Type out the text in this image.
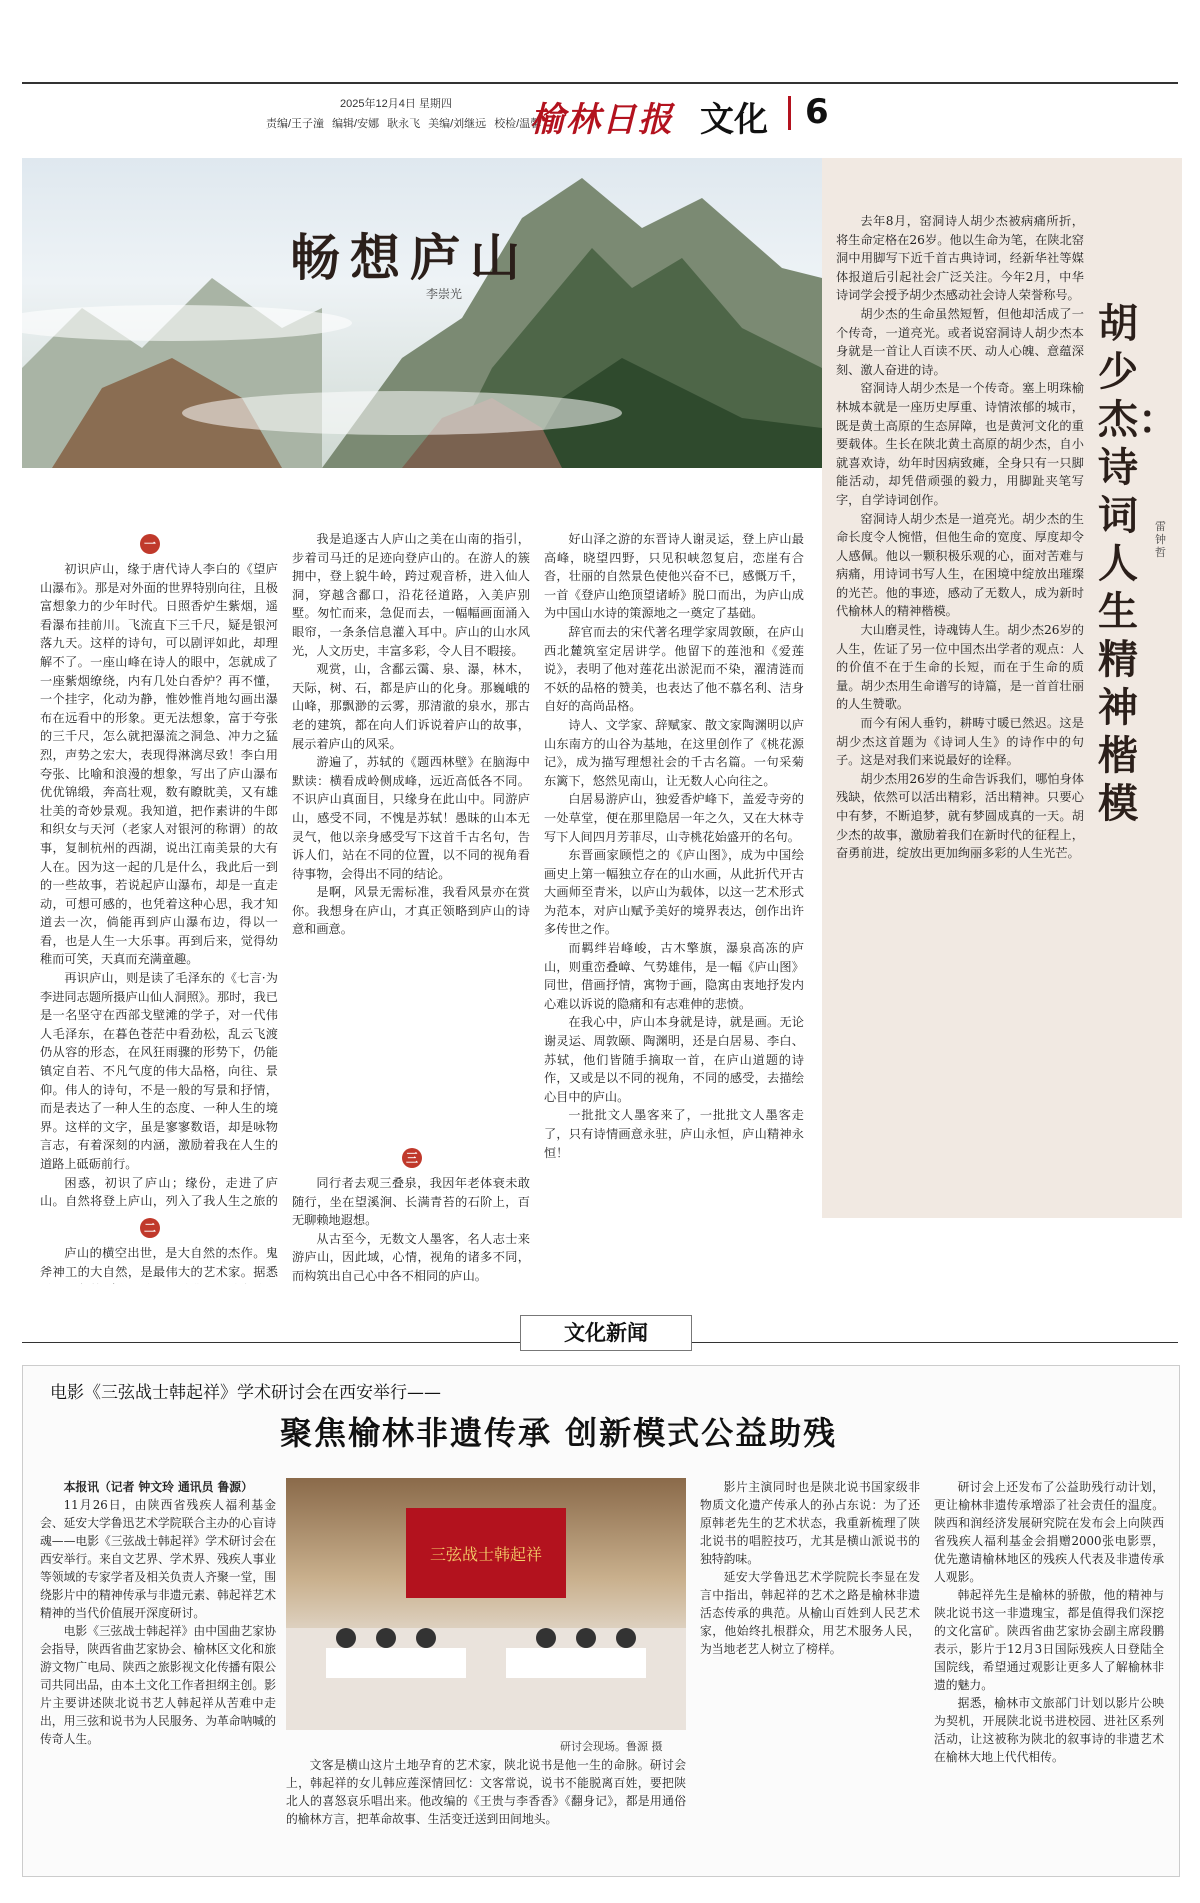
2025年12月4日 星期四
责编/王子潼 编辑/安娜 耿永飞 美编/刘继远 校检/温馨
榆林日报 文化 6
畅想庐山
李崇光

去年8月，窑洞诗人胡少杰被病痛所折，将生命定格在26岁。他以生命为笔，在陕北窑洞中用脚写下近千首古典诗词，经新华社等媒体报道后引起社会广泛关注。今年2月，中华诗词学会授予胡少杰感动社会诗人荣誉称号。

胡少杰的生命虽然短暂，但他却活成了一个传奇，一道亮光。或者说窑洞诗人胡少杰本身就是一首让人百读不厌、动人心魄、意蕴深刻、激人奋进的诗。

窑洞诗人胡少杰是一个传奇。塞上明珠榆林城本就是一座历史厚重、诗情浓郁的城市，既是黄土高原的生态屏障，也是黄河文化的重要载体。生长在陕北黄土高原的胡少杰，自小就喜欢诗，幼年时因病致瘫，全身只有一只脚能活动，却凭借顽强的毅力，用脚趾夹笔写字，自学诗词创作。

窑洞诗人胡少杰是一道亮光。胡少杰的生命长度令人惋惜，但他生命的宽度、厚度却令人感佩。他以一颗积极乐观的心，面对苦难与病痛，用诗词书写人生，在困境中绽放出璀璨的光芒。他的事迹，感动了无数人，成为新时代榆林人的精神楷模。

大山磨灵性，诗魂铸人生。胡少杰26岁的人生，佐证了另一位中国杰出学者的观点：人的价值不在于生命的长短，而在于生命的质量。胡少杰用生命谱写的诗篇，是一首首壮丽的人生赞歌。

而今有闲人垂钓，耕畴寸暖已然迟。这是胡少杰这首题为《诗词人生》的诗作中的句子。这是对我们来说最好的诠释。

胡少杰用26岁的生命告诉我们，哪怕身体残缺，依然可以活出精彩，活出精神。只要心中有梦，不断追梦，就有梦圆成真的一天。胡少杰的故事，激励着我们在新时代的征程上，奋勇前进，绽放出更加绚丽多彩的人生光芒。

胡少杰：诗词人生 精神楷模
雷钟哲
一

初识庐山，缘于唐代诗人李白的《望庐山瀑布》。那是对外面的世界特别向往，且极富想象力的少年时代。日照香炉生紫烟，遥看瀑布挂前川。飞流直下三千尺，疑是银河落九天。这样的诗句，可以剧评如此，却理解不了。一座山峰在诗人的眼中，怎就成了一座紫烟缭绕，内有几处白香炉？再不懂，一个挂字，化动为静，惟妙惟肖地勾画出瀑布在远看中的形象。更无法想象，富于夸张的三千尺，怎么就把瀑流之洞急、冲力之猛烈，声势之宏大，表现得淋漓尽致！李白用夸张、比喻和浪漫的想象，写出了庐山瀑布优优锦缎，奔高壮观，数有瞭眈美，又有雄壮美的奇妙景观。我知道，把作素讲的牛郎和织女与天河（老家人对银河的称谓）的故事，复制杭州的西湖，说出江南美景的大有人在。因为这一起的几是什么，我此后一到的一些故事，若说起庐山瀑布，却是一直走动，可想可感的，也凭着这种心思，我才知道去一次，倘能再到庐山瀑布边，得以一看，也是人生一大乐事。再到后来，觉得幼稚而可笑，天真而充满童趣。

再识庐山，则是读了毛泽东的《七言·为李进同志题所摄庐山仙人洞照》。那时，我已是一名坚守在西部戈壁滩的学子，对一代伟人毛泽东，在暮色苍茫中看劲松，乱云飞渡仍从容的形态，在风狂雨骤的形势下，仍能镇定自若、不凡气度的伟大品格，向往、景仰。伟人的诗句，不是一般的写景和抒情，而是表达了一种人生的态度、一种人生的境界。这样的文字，虽是寥寥数语，却是咏物言志，有着深刻的内涵，激励着我在人生的道路上砥砺前行。

困惑，初识了庐山；缘份，走进了庐山。自然将登上庐山，列入了我人生之旅的

二

庐山的横空出世，是大自然的杰作。鬼斧神工的大自然，是最伟大的艺术家。据悉

我是追逐古人庐山之美在山南的指引，步着司马迁的足迹向登庐山的。在游人的簇拥中，登上貌牛岭，跨过观音桥，进入仙人洞，穿越含鄱口，沿花径道路，入美庐别墅。匆忙而来，急促而去，一幅幅画面涌入眼帘，一条条信息灌入耳中。庐山的山水风光，人文历史，丰富多彩，令人目不暇接。

观赏，山，含鄱云霭、泉、瀑，林木，天际，树、石，都是庐山的化身。那巍峨的山峰，那飘渺的云雾，那清澈的泉水，那古老的建筑，都在向人们诉说着庐山的故事，展示着庐山的风采。

游遍了，苏轼的《题西林壁》在脑海中默读：横看成岭侧成峰，远近高低各不同。不识庐山真面目，只缘身在此山中。同游庐山，感受不同，不愧是苏轼！愚昧的山本无灵气，他以亲身感受写下这首千古名句，告诉人们，站在不同的位置，以不同的视角看待事物，会得出不同的结论。

是啊，风景无需标准，我看风景亦在赏你。我想身在庐山，才真正领略到庐山的诗意和画意。

三

同行者去观三叠泉，我因年老体衰未敢随行，坐在望溪涧、长满青苔的石阶上，百无聊赖地遐想。

从古至今，无数文人墨客，名人志士来游庐山，因此域，心情，视角的诸多不同，而构筑出自己心中各不相同的庐山。

好山泽之游的东晋诗人谢灵运，登上庐山最高峰，晓望四野，只见积峡忽复启，恋崖有合沓，壮丽的自然景色使他兴奋不已，感慨万千，一首《登庐山绝顶望诸峤》脱口而出，为庐山成为中国山水诗的策源地之一奠定了基础。

辞官而去的宋代著名理学家周敦颐，在庐山西北麓筑室定居讲学。他留下的莲池和《爱莲说》，表明了他对莲花出淤泥而不染，濯清涟而不妖的品格的赞美，也表达了他不慕名利、洁身自好的高尚品格。

诗人、文学家、辞赋家、散文家陶渊明以庐山东南方的山谷为基地，在这里创作了《桃花源记》，成为描写理想社会的千古名篇。一句采菊东篱下，悠然见南山，让无数人心向往之。

白居易游庐山，独爱香炉峰下，盖爱寺旁的一处草堂，便在那里隐居一年之久，又在大林寺写下人间四月芳菲尽，山寺桃花始盛开的名句。

东晋画家顾恺之的《庐山图》，成为中国绘画史上第一幅独立存在的山水画，从此折代开古大画师至青米，以庐山为载体，以这一艺术形式为范本，对庐山赋予美好的境界表达，创作出许多传世之作。

而羁绊岩峰峻，古木擎旗，瀑泉高冻的庐山，则重峦叠嶂、气势雄伟，是一幅《庐山图》同世，借画抒情，寓物于画，隐寓由衷地抒发内心难以诉说的隐痛和有志难伸的悲愤。

在我心中，庐山本身就是诗，就是画。无论谢灵运、周敦颐、陶渊明，还是白居易、李白、苏轼，他们皆随手摘取一首，在庐山道题的诗作，又或是以不同的视角，不同的感受，去描绘心目中的庐山。

一批批文人墨客来了，一批批文人墨客走了，只有诗情画意永驻，庐山永恒，庐山精神永恒！

文化新闻
电影《三弦战士韩起祥》学术研讨会在西安举行——
聚焦榆林非遗传承 创新模式公益助残

本报讯（记者 钟文玲 通讯员 鲁源）

11月26日，由陕西省残疾人福利基金会、延安大学鲁迅艺术学院联合主办的心盲诗魂——电影《三弦战士韩起祥》学术研讨会在西安举行。来自文艺界、学术界、残疾人事业等领域的专家学者及相关负责人齐聚一堂，围绕影片中的精神传承与非遗元素、韩起祥艺术精神的当代价值展开深度研讨。

电影《三弦战士韩起祥》由中国曲艺家协会指导，陕西省曲艺家协会、榆林区文化和旅游文物广电局、陕西之旅影视文化传播有限公司共同出品，由本土文化工作者担纲主创。影片主要讲述陕北说书艺人韩起祥从苦难中走出，用三弦和说书为人民服务、为革命呐喊的传奇人生。

三弦战士韩起祥
研讨会现场。鲁源 摄

文客是横山这片土地孕育的艺术家，陕北说书是他一生的命脉。研讨会上，韩起祥的女儿韩应莲深情回忆：文客常说，说书不能脱离百姓，要把陕北人的喜怒哀乐唱出来。他改编的《王贵与李香香》《翻身记》，都是用通俗的榆林方言，把革命故事、生活变迁送到田间地头。

影片主演同时也是陕北说书国家级非物质文化遗产传承人的孙占东说：为了还原韩老先生的艺术状态，我重新梳理了陕北说书的唱腔技巧，尤其是横山派说书的独特韵味。

延安大学鲁迅艺术学院院长李显在发言中指出，韩起祥的艺术之路是榆林非遗活态传承的典范。从榆山百姓到人民艺术家，他始终扎根群众，用艺术服务人民，为当地老艺人树立了榜样。

研讨会上还发布了公益助残行动计划，更让榆林非遗传承增添了社会责任的温度。陕西和润经济发展研究院在发布会上向陕西省残疾人福利基金会捐赠2000张电影票，优先邀请榆林地区的残疾人代表及非遗传承人观影。

韩起祥先生是榆林的骄傲，他的精神与陕北说书这一非遗瑰宝，都是值得我们深挖的文化富矿。陕西省曲艺家协会副主席段鹏表示，影片于12月3日国际残疾人日登陆全国院线，希望通过观影让更多人了解榆林非遗的魅力。

据悉，榆林市文旅部门计划以影片公映为契机，开展陕北说书进校园、进社区系列活动，让这被称为陕北的叙事诗的非遗艺术在榆林大地上代代相传。
